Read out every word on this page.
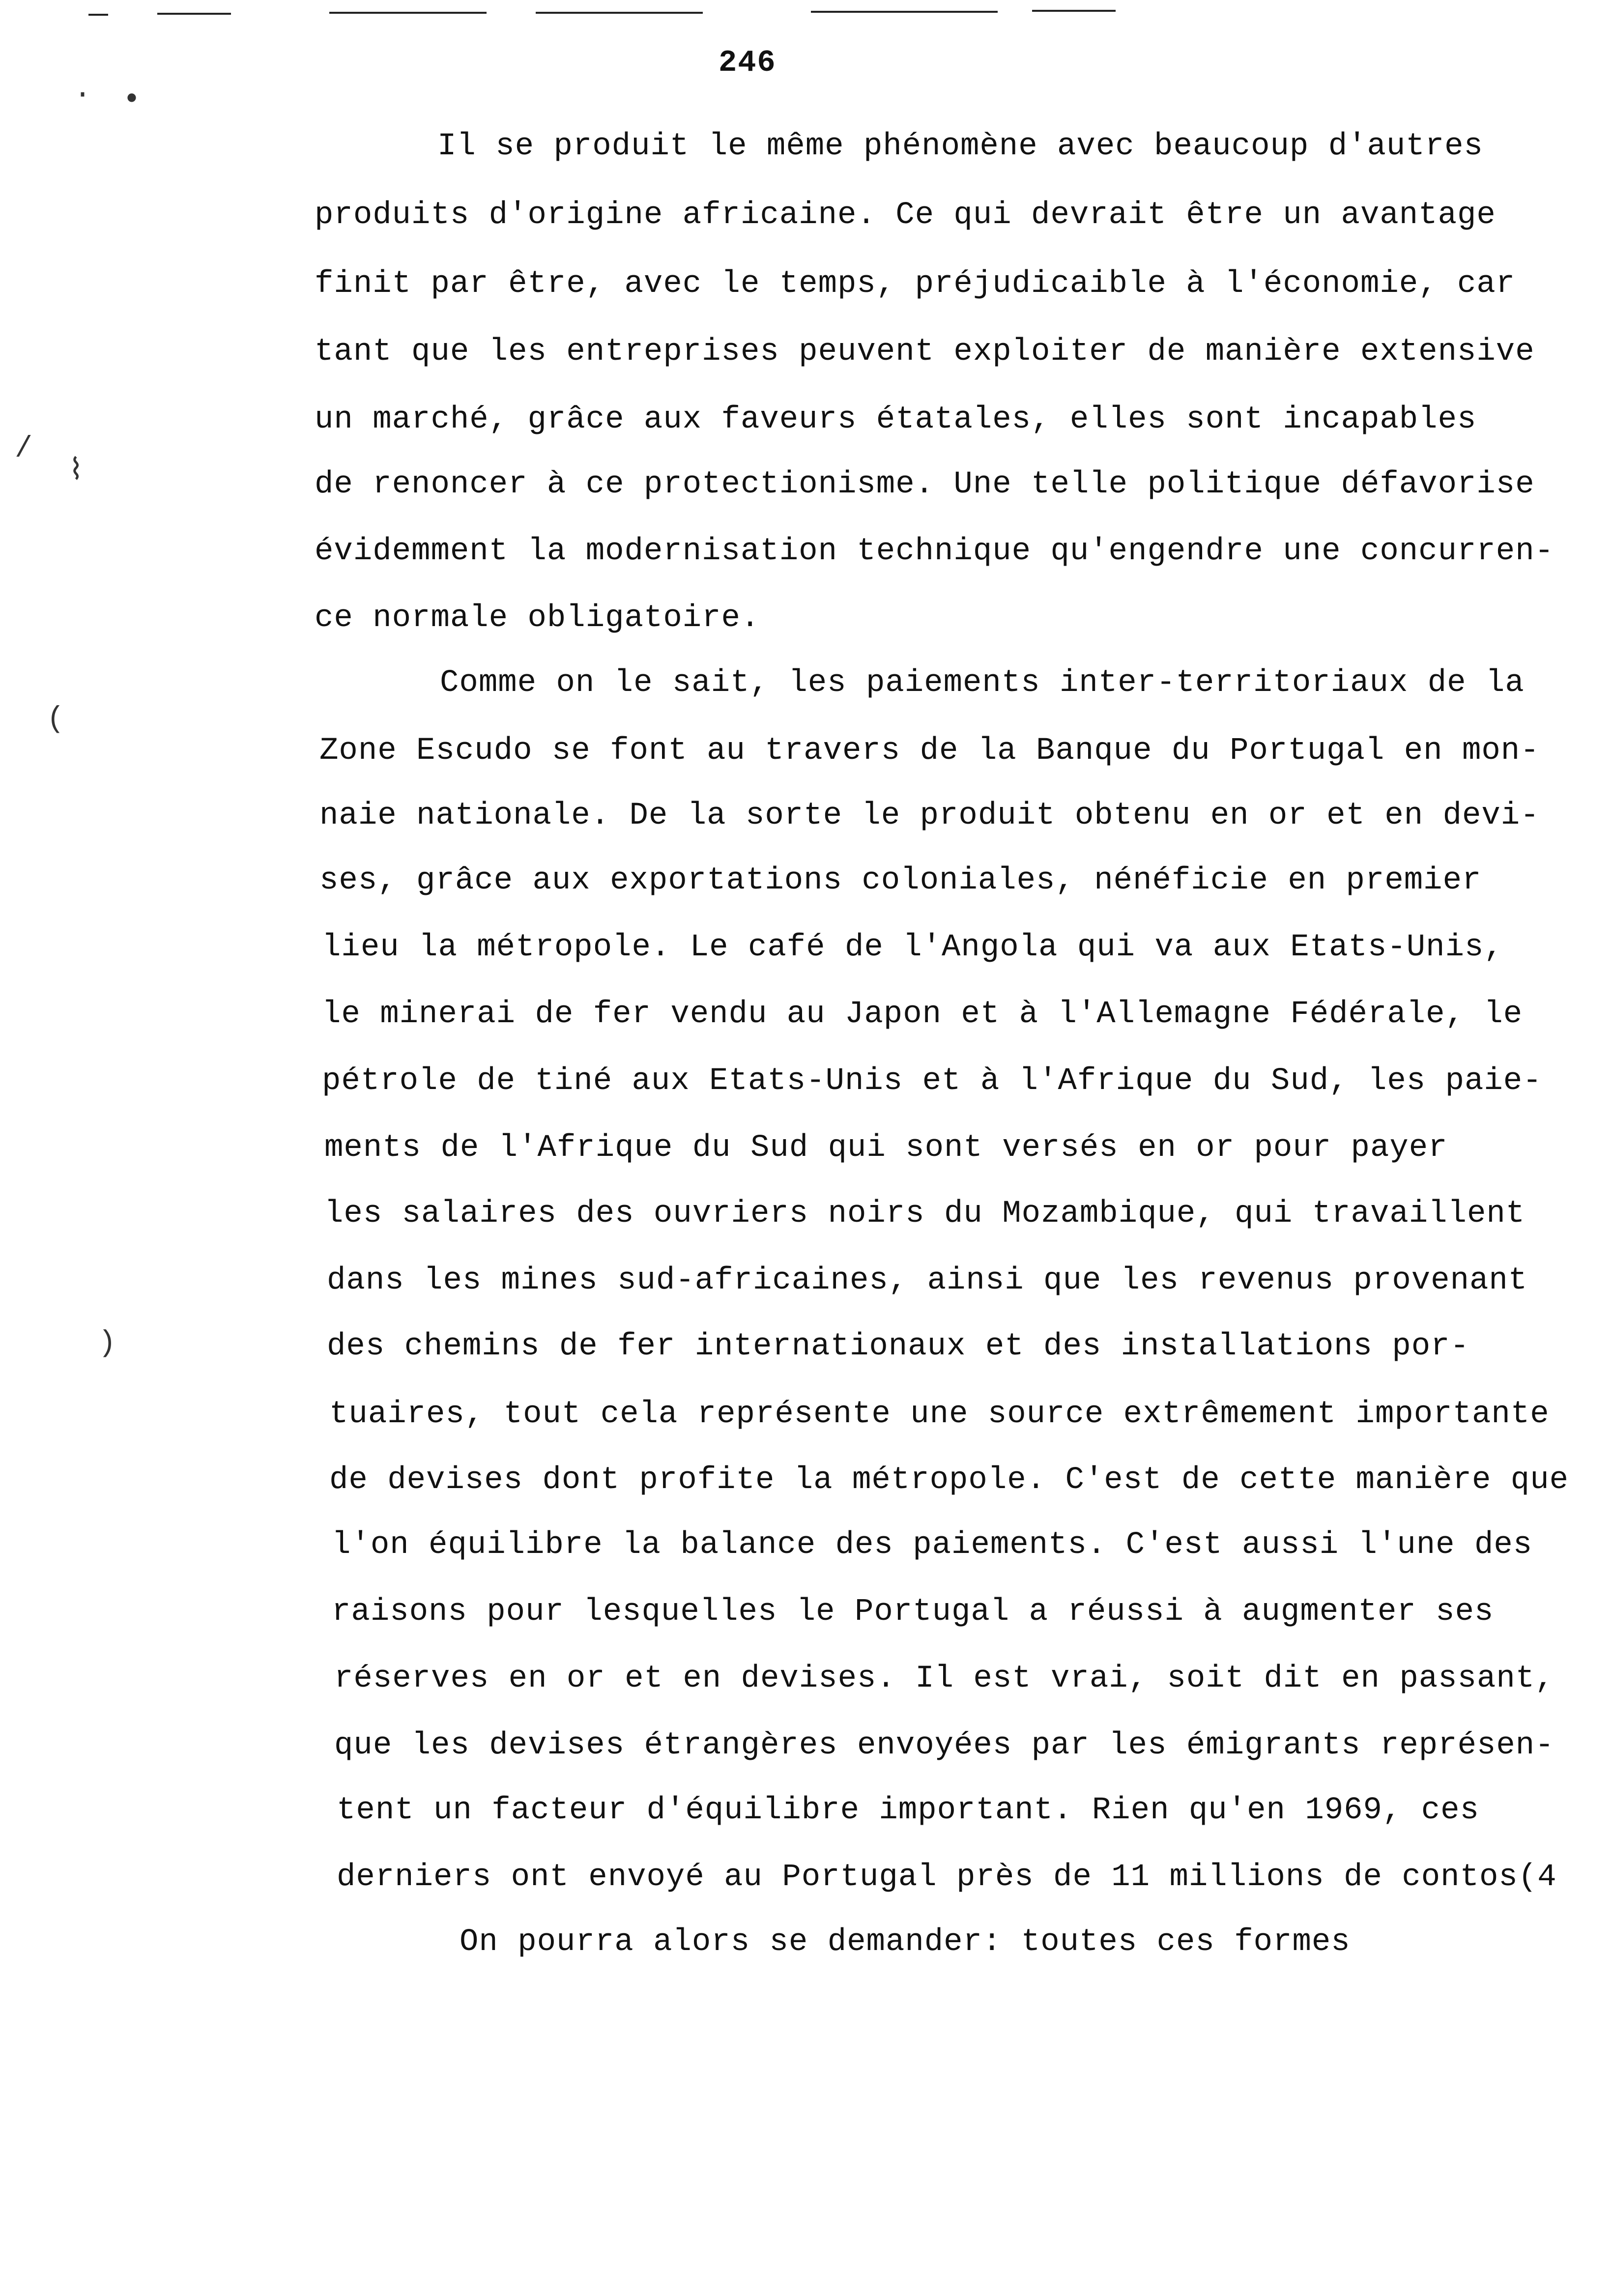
· •
/
⌇
(
)
246
Il se produit le même phénomène avec beaucoup d'autres
produits d'origine africaine. Ce qui devrait être un avantage
finit par être, avec le temps, préjudicaible à l'économie, car
tant que les entreprises peuvent exploiter de manière extensive
un marché, grâce aux faveurs étatales, elles sont incapables
de renoncer à ce protectionisme. Une telle politique défavorise
évidemment la modernisation technique qu'engendre une concurren-
ce normale obligatoire.
Comme on le sait, les paiements inter-territoriaux de la
Zone Escudo se font au travers de la Banque du Portugal en mon-
naie nationale. De la sorte le produit obtenu en or et en devi-
ses, grâce aux exportations coloniales, nénéficie en premier
lieu la métropole. Le café de l'Angola qui va aux Etats-Unis,
le minerai de fer vendu au Japon et à l'Allemagne Fédérale, le
pétrole de tiné aux Etats-Unis et à l'Afrique du Sud, les paie-
ments de l'Afrique du Sud qui sont versés en or pour payer
les salaires des ouvriers noirs du Mozambique, qui travaillent
dans les mines sud-africaines, ainsi que les revenus provenant
des chemins de fer internationaux et des installations por-
tuaires, tout cela représente une source extrêmement importante
de devises dont profite la métropole. C'est de cette manière que
l'on équilibre la balance des paiements. C'est aussi l'une des
raisons pour lesquelles le Portugal a réussi à augmenter ses
réserves en or et en devises. Il est vrai, soit dit en passant,
que les devises étrangères envoyées par les émigrants représen-
tent un facteur d'équilibre important. Rien qu'en 1969, ces
derniers ont envoyé au Portugal près de 11 millions de contos(4
On pourra alors se demander: toutes ces formes
